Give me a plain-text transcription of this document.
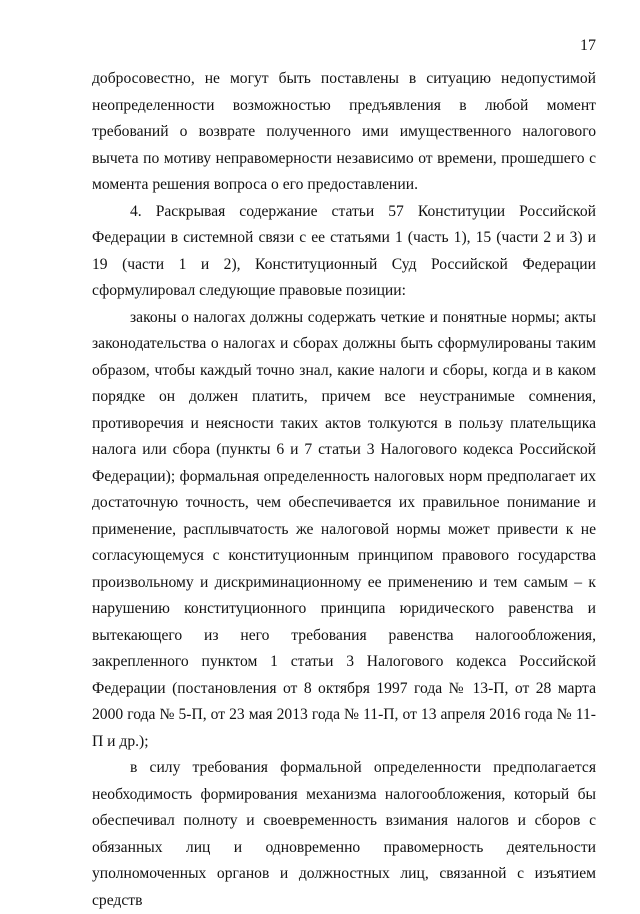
17

добросовестно, не могут быть поставлены в ситуацию недопустимой неопределенности возможностью предъявления в любой момент требований о возврате полученного ими имущественного налогового вычета по мотиву неправомерности независимо от времени, прошедшего с момента решения вопроса о его предоставлении.

4. Раскрывая содержание статьи 57 Конституции Российской Федерации в системной связи с ее статьями 1 (часть 1), 15 (части 2 и 3) и 19 (части 1 и 2), Конституционный Суд Российской Федерации сформулировал следующие правовые позиции:

законы о налогах должны содержать четкие и понятные нормы; акты законодательства о налогах и сборах должны быть сформулированы таким образом, чтобы каждый точно знал, какие налоги и сборы, когда и в каком порядке он должен платить, причем все неустранимые сомнения, противоречия и неясности таких актов толкуются в пользу плательщика налога или сбора (пункты 6 и 7 статьи 3 Налогового кодекса Российской Федерации); формальная определенность налоговых норм предполагает их достаточную точность, чем обеспечивается их правильное понимание и применение, расплывчатость же налоговой нормы может привести к не согласующемуся с конституционным принципом правового государства произвольному и дискриминационному ее применению и тем самым – к нарушению конституционного принципа юридического равенства и вытекающего из него требования равенства налогообложения, закрепленного пунктом 1 статьи 3 Налогового кодекса Российской Федерации (постановления от 8 октября 1997 года № 13-П, от 28 марта 2000 года № 5-П, от 23 мая 2013 года № 11-П, от 13 апреля 2016 года № 11-П и др.);

в силу требования формальной определенности предполагается необходимость формирования механизма налогообложения, который бы обеспечивал полноту и своевременность взимания налогов и сборов с обязанных лиц и одновременно правомерность деятельности уполномоченных органов и должностных лиц, связанной с изъятием средств
